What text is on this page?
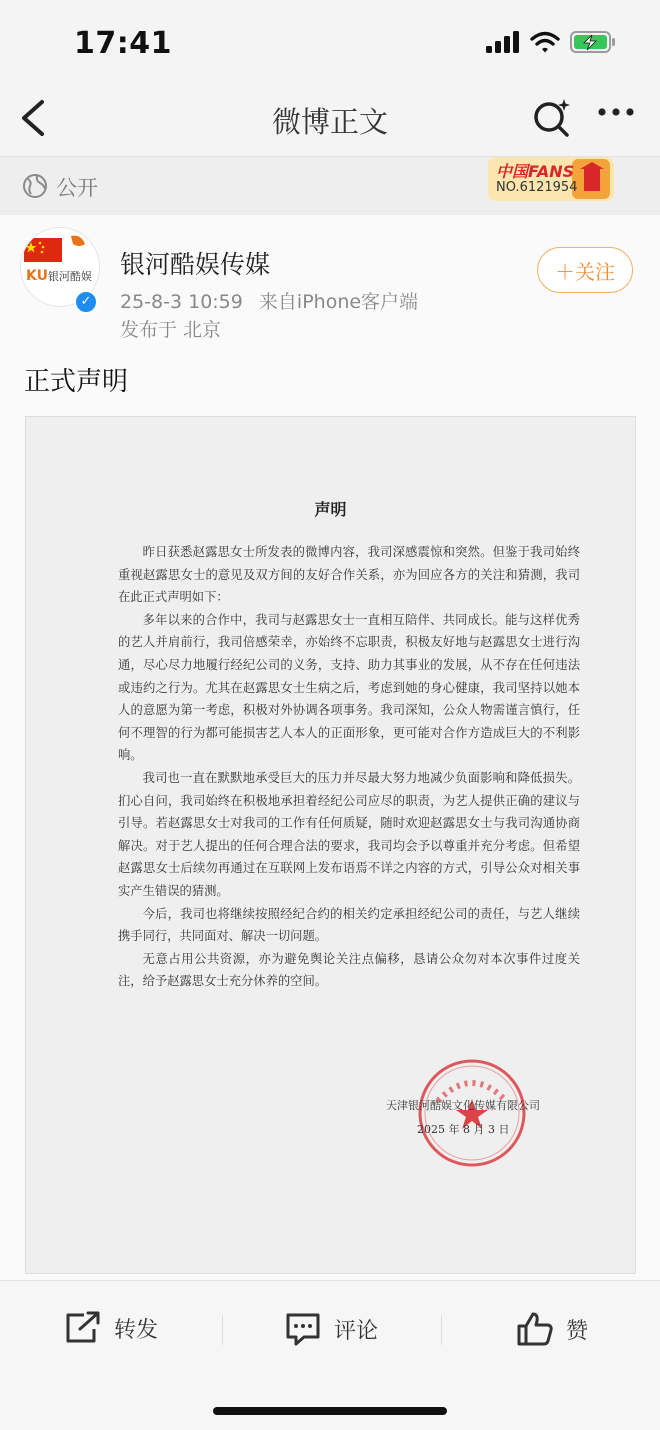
17:41
微博正文
公开
中国FANS
NO.6121954
KU银河酷娱
✓
银河酷娱传媒
25-8-3 10:59 来自iPhone客户端
发布于 北京
＋关注
正式声明
声明

昨日获悉赵露思女士所发表的微博内容，我司深感震惊和突然。但鉴于我司始终重视赵露思女士的意见及双方间的友好合作关系，亦为回应各方的关注和猜测，我司在此正式声明如下：

多年以来的合作中，我司与赵露思女士一直相互陪伴、共同成长。能与这样优秀的艺人并肩前行，我司倍感荣幸，亦始终不忘职责，积极友好地与赵露思女士进行沟通，尽心尽力地履行经纪公司的义务，支持、助力其事业的发展，从不存在任何违法或违约之行为。尤其在赵露思女士生病之后，考虑到她的身心健康，我司坚持以她本人的意愿为第一考虑，积极对外协调各项事务。我司深知，公众人物需谨言慎行，任何不理智的行为都可能损害艺人本人的正面形象，更可能对合作方造成巨大的不利影响。

我司也一直在默默地承受巨大的压力并尽最大努力地减少负面影响和降低损失。扪心自问，我司始终在积极地承担着经纪公司应尽的职责，为艺人提供正确的建议与引导。若赵露思女士对我司的工作有任何质疑，随时欢迎赵露思女士与我司沟通协商解决。对于艺人提出的任何合理合法的要求，我司均会予以尊重并充分考虑。但希望赵露思女士后续勿再通过在互联网上发布语焉不详之内容的方式，引导公众对相关事实产生错误的猜测。

今后，我司也将继续按照经纪合约的相关约定承担经纪公司的责任，与艺人继续携手同行，共同面对、解决一切问题。

无意占用公共资源，亦为避免舆论关注点偏移，恳请公众勿对本次事件过度关注，给予赵露思女士充分休养的空间。

天津银河酷娱文化传媒有限公司
2025 年 8 月 3 日
转发	评论	赞
